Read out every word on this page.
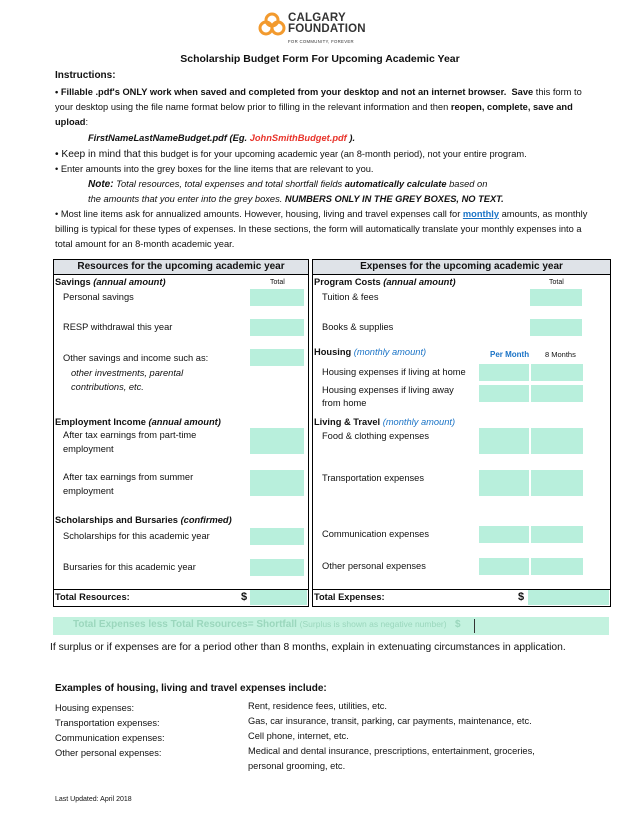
CALGARY
FOUNDATION
FOR COMMUNITY, FOREVER
Scholarship Budget Form For Upcoming Academic Year
Instructions:
• Fillable .pdf's ONLY work when saved and completed from your desktop and not an internet browser. Save this form to your desktop using the file name format below prior to filling in the relevant information and then reopen, complete, save and upload:
FirstNameLastNameBudget.pdf (Eg. JohnSmithBudget.pdf ).
• Keep in mind that this budget is for your upcoming academic year (an 8-month period), not your entire program.
• Enter amounts into the grey boxes for the line items that are relevant to you.
Note: Total resources, total expenses and total shortfall fields automatically calculate based on
the amounts that you enter into the grey boxes. NUMBERS ONLY IN THE GREY BOXES, NO TEXT.
• Most line items ask for annualized amounts. However, housing, living and travel expenses call for monthly amounts, as monthly billing is typical for these types of expenses. In these sections, the form will automatically translate your monthly expenses into a total amount for an 8-month academic year.
Resources for the upcoming academic year
Savings (annual amount)	Total
Personal savings
RESP withdrawal this year
Other savings and income such as:
other investments, parental
contributions, etc.
Employment Income (annual amount)
After tax earnings from part-time
employment
After tax earnings from summer
employment
Scholarships and Bursaries (confirmed)
Scholarships for this academic year
Bursaries for this academic year
Total Resources:	$
Expenses for the upcoming academic year
Program Costs (annual amount)	Total
Tuition & fees
Books & supplies
Housing (monthly amount)	Per Month 8 Months
Housing expenses if living at home
Housing expenses if living away
from home
Living & Travel (monthly amount)
Food & clothing expenses
Transportation expenses
Communication expenses
Other personal expenses
Total Expenses:	$
Total Expenses less Total Resources= Shortfall (Surplus is shown as negative number) $
If surplus or if expenses are for a period other than 8 months, explain in extenuating circumstances in application.
Examples of housing, living and travel expenses include:
Housing expenses:	Rent, residence fees, utilities, etc.
Transportation expenses:	Gas, car insurance, transit, parking, car payments, maintenance, etc.
Communication expenses:	Cell phone, internet, etc.
Other personal expenses:	Medical and dental insurance, prescriptions, entertainment, groceries,
personal grooming, etc.
Last Updated: April 2018
